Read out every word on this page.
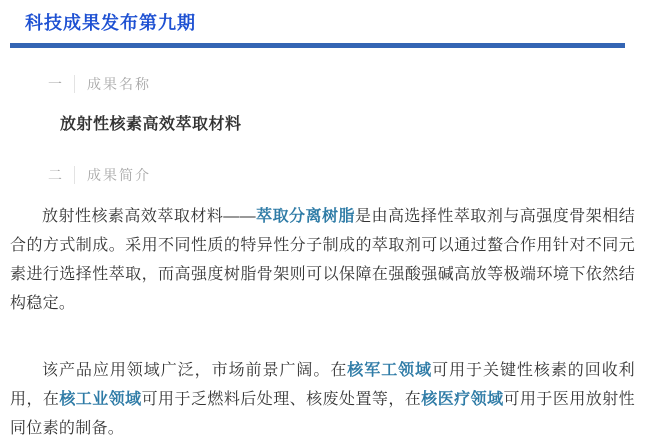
科技成果发布第九期
一 成果名称
放射性核素高效萃取材料
二 成果简介

放射性核素高效萃取材料——萃取分离树脂是由高选择性萃取剂与高强度骨架相结合的方式制成。采用不同性质的特异性分子制成的萃取剂可以通过螯合作用针对不同元素进行选择性萃取，而高强度树脂骨架则可以保障在强酸强碱高放等极端环境下依然结构稳定。

该产品应用领域广泛，市场前景广阔。在核军工领域可用于关键性核素的回收利用，在核工业领域可用于乏燃料后处理、核废处置等，在核医疗领域可用于医用放射性同位素的制备。
